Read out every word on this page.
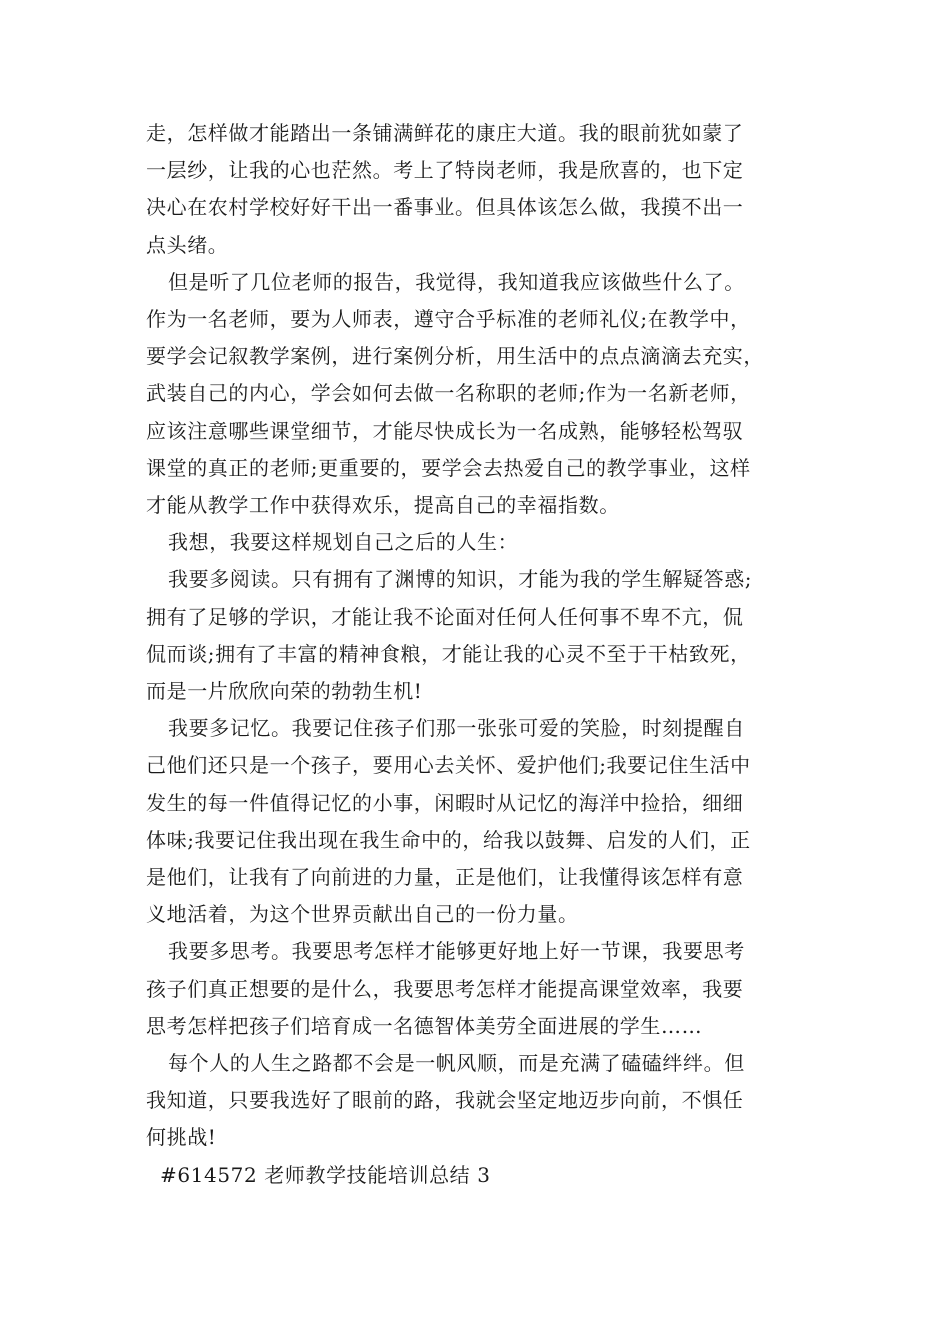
走，怎样做才能踏出一条铺满鲜花的康庄大道。我的眼前犹如蒙了
一层纱，让我的心也茫然。考上了特岗老师，我是欣喜的，也下定
决心在农村学校好好干出一番事业。但具体该怎么做，我摸不出一
点头绪。

但是听了几位老师的报告，我觉得，我知道我应该做些什么了。
作为一名老师，要为人师表，遵守合乎标准的老师礼仪;在教学中，
要学会记叙教学案例，进行案例分析，用生活中的点点滴滴去充实，
武装自己的内心，学会如何去做一名称职的老师;作为一名新老师，
应该注意哪些课堂细节，才能尽快成长为一名成熟，能够轻松驾驭
课堂的真正的老师;更重要的，要学会去热爱自己的教学事业，这样
才能从教学工作中获得欢乐，提高自己的幸福指数。

我想，我要这样规划自己之后的人生：

我要多阅读。只有拥有了渊博的知识，才能为我的学生解疑答惑;
拥有了足够的学识，才能让我不论面对任何人任何事不卑不亢，侃
侃而谈;拥有了丰富的精神食粮，才能让我的心灵不至于干枯致死，
而是一片欣欣向荣的勃勃生机!

我要多记忆。我要记住孩子们那一张张可爱的笑脸，时刻提醒自
己他们还只是一个孩子，要用心去关怀、爱护他们;我要记住生活中
发生的每一件值得记忆的小事，闲暇时从记忆的海洋中捡拾，细细
体味;我要记住我出现在我生命中的，给我以鼓舞、启发的人们，正
是他们，让我有了向前进的力量，正是他们，让我懂得该怎样有意
义地活着，为这个世界贡献出自己的一份力量。

我要多思考。我要思考怎样才能够更好地上好一节课，我要思考
孩子们真正想要的是什么，我要思考怎样才能提高课堂效率，我要
思考怎样把孩子们培育成一名德智体美劳全面进展的学生……

每个人的人生之路都不会是一帆风顺，而是充满了磕磕绊绊。但
我知道，只要我选好了眼前的路，我就会坚定地迈步向前，不惧任
何挑战!

#614572 老师教学技能培训总结 3
